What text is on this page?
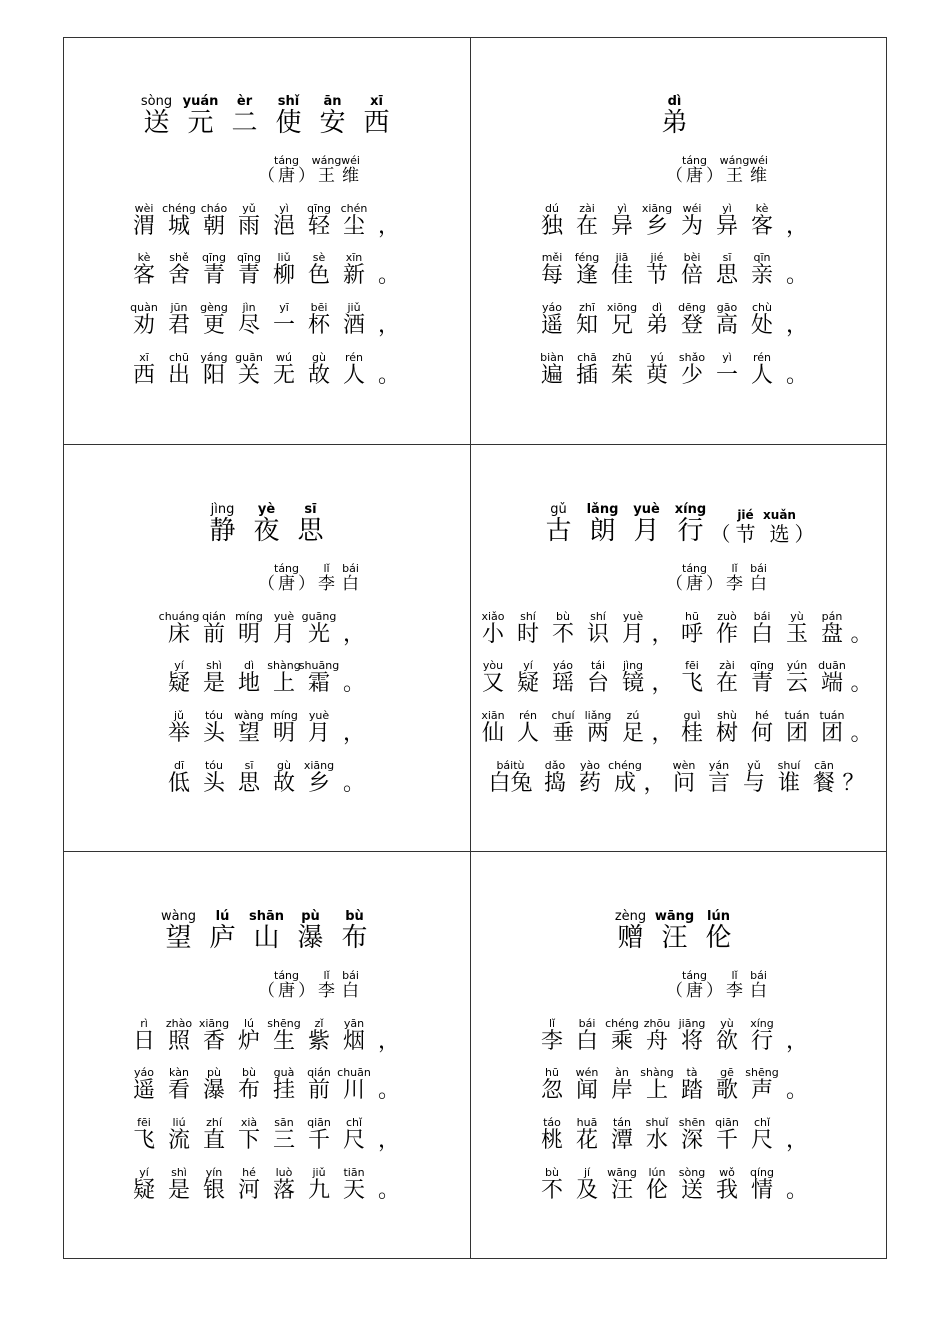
sòng
送
yuán
元
èr
二
shǐ
使
ān
安
xī
西
（
táng
唐 ）
wáng
王
wéi
维
wèi
渭
chéng
城
cháo
朝
yǔ
雨
yì
浥
qīng
轻
chén
尘 ，
kè
客
shě
舍
qīng
青
qīng
青
liǔ
柳
sè
色
xīn
新 。
quàn
劝
jūn
君
gèng
更
jìn
尽
yī
一
bēi
杯
jiǔ
酒 ，
xī
西
chū
出
yáng
阳
guān
关
wú
无
gù
故
rén
人 。
dì
弟
（
táng
唐 ）
wáng
王
wéi
维
dú
独
zài
在
yì
异
xiāng
乡
wéi
为
yì
异
kè
客 ，
měi
每
féng
逢
jiā
佳
jié
节
bèi
倍
sī
思
qīn
亲 。
yáo
遥
zhī
知
xiōng
兄
dì
弟
dēng
登
gāo
高
chù
处 ，
biàn
遍
chā
插
zhū
茱
yú
萸
shǎo
少
yì
一
rén
人 。
jìng
静
yè
夜
sī
思
（
táng
唐 ）
lǐ
李
bái
白
chuáng
床
qián
前
míng
明
yuè
月
guāng
光 ，
yí
疑
shì
是
dì
地
shàng
上
shuāng
霜 。
jǔ
举
tóu
头
wàng
望
míng
明
yuè
月 ，
dī
低
tóu
头
sī
思
gù
故
xiāng
乡 。
gǔ
古
lǎng
朗
yuè
月
xíng
行 （
jié
节
xuǎn
选 ）
（
táng
唐 ）
lǐ
李
bái
白
xiǎo
小
shí
时
bù
不
shí
识
yuè
月 ，
hū
呼
zuò
作
bái
白
yù
玉
pán
盘 。
yòu
又
yí
疑
yáo
瑶
tái
台
jìng
镜 ，
fēi
飞
zài
在
qīng
青
yún
云
duān
端 。
xiān
仙
rén
人
chuí
垂
liǎng
两
zú
足 ，
guì
桂
shù
树
hé
何
tuán
团
tuán
团 。
báitù
白兔
dǎo
捣
yào
药
chéng
成 ，
wèn
问
yán
言
yǔ
与
shuí
谁
cān
餐 ？
wàng
望
lú
庐
shān
山
pù
瀑
bù
布
（
táng
唐 ）
lǐ
李
bái
白
rì
日
zhào
照
xiāng
香
lú
炉
shēng
生
zǐ
紫
yān
烟 ，
yáo
遥
kàn
看
pù
瀑
bù
布
guà
挂
qián
前
chuān
川 。
fēi
飞
liú
流
zhí
直
xià
下
sān
三
qiān
千
chǐ
尺 ，
yí
疑
shì
是
yín
银
hé
河
luò
落
jiǔ
九
tiān
天 。
zèng
赠
wāng
汪
lún
伦
（
táng
唐 ）
lǐ
李
bái
白
lǐ
李
bái
白
chéng
乘
zhōu
舟
jiāng
将
yù
欲
xíng
行 ，
hū
忽
wén
闻
àn
岸
shàng
上
tà
踏
gē
歌
shēng
声 。
táo
桃
huā
花
tán
潭
shuǐ
水
shēn
深
qiān
千
chǐ
尺 ，
bù
不
jí
及
wāng
汪
lún
伦
sòng
送
wǒ
我
qíng
情 。
